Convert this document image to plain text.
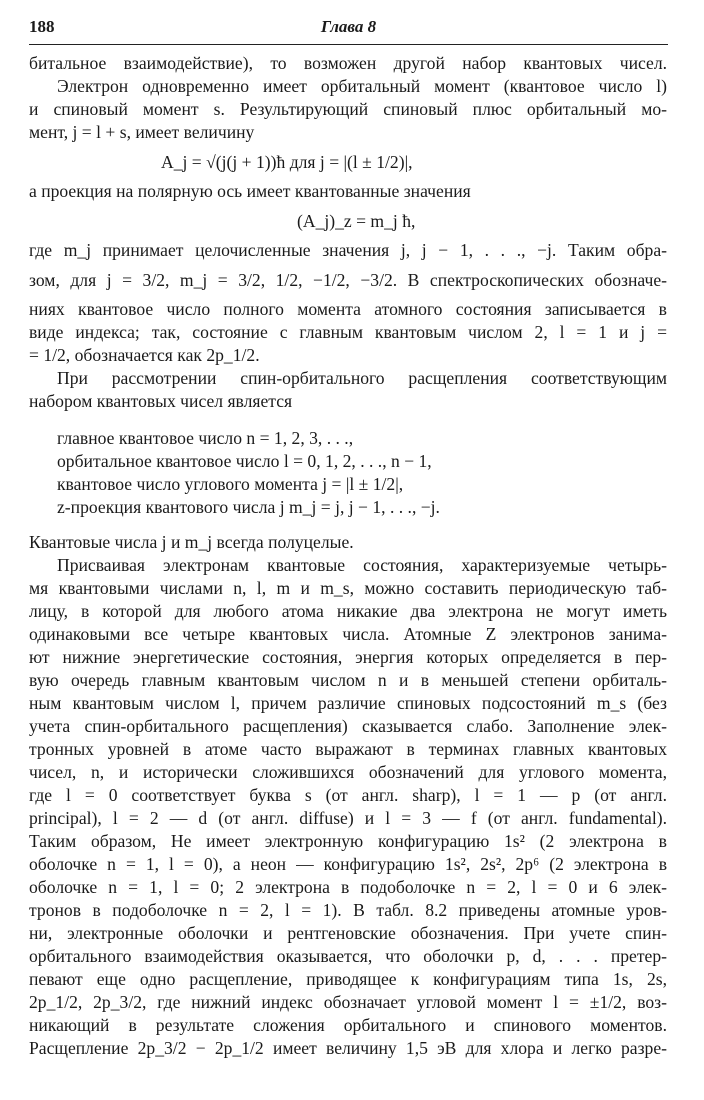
188	Глава 8
битальное взаимодействие), то возможен другой набор квантовых чисел.
Электрон одновременно имеет орбитальный момент (квантовое число l)
и спиновый момент s. Результирующий спиновый плюс орбитальный мо-
мент, j = l + s, имеет величину
A_j = √(j(j + 1))ħ для j = |(l ± 1/2)|,
а проекция на полярную ось имеет квантованные значения
(A_j)_z = m_j ħ,
где m_j принимает целочисленные значения j, j − 1, . . ., −j. Таким обра-
зом, для j = 3/2, m_j = 3/2, 1/2, −1/2, −3/2. В спектроскопических обозначе-
ниях квантовое число полного момента атомного состояния записывается в
виде индекса; так, состояние с главным квантовым числом 2, l = 1 и j =
= 1/2, обозначается как 2p_1/2.
При рассмотрении спин-орбитального расщепления соответствующим
набором квантовых чисел является
главное квантовое число n = 1, 2, 3, . . .,
орбитальное квантовое число l = 0, 1, 2, . . ., n − 1,
квантовое число углового момента j = |l ± 1/2|,
z-проекция квантового числа j m_j = j, j − 1, . . ., −j.
Квантовые числа j и m_j всегда полуцелые.
Присваивая электронам квантовые состояния, характеризуемые четырь-
мя квантовыми числами n, l, m и m_s, можно составить периодическую таб-
лицу, в которой для любого атома никакие два электрона не могут иметь
одинаковыми все четыре квантовых числа. Атомные Z электронов занима-
ют нижние энергетические состояния, энергия которых определяется в пер-
вую очередь главным квантовым числом n и в меньшей степени орбиталь-
ным квантовым числом l, причем различие спиновых подсостояний m_s (без
учета спин-орбитального расщепления) сказывается слабо. Заполнение элек-
тронных уровней в атоме часто выражают в терминах главных квантовых
чисел, n, и исторически сложившихся обозначений для углового момента,
где l = 0 соответствует буква s (от англ. sharp), l = 1 — p (от англ.
principal), l = 2 — d (от англ. diffuse) и l = 3 — f (от англ. fundamental).
Таким образом, He имеет электронную конфигурацию 1s² (2 электрона в
оболочке n = 1, l = 0), а неон — конфигурацию 1s², 2s², 2p⁶ (2 электрона в
оболочке n = 1, l = 0; 2 электрона в подоболочке n = 2, l = 0 и 6 элек-
тронов в подоболочке n = 2, l = 1). В табл. 8.2 приведены атомные уров-
ни, электронные оболочки и рентгеновские обозначения. При учете спин-
орбитального взаимодействия оказывается, что оболочки p, d, . . . претер-
певают еще одно расщепление, приводящее к конфигурациям типа 1s, 2s,
2p_1/2, 2p_3/2, где нижний индекс обозначает угловой момент l = ±1/2, воз-
никающий в результате сложения орбитального и спинового моментов.
Расщепление 2p_3/2 − 2p_1/2 имеет величину 1,5 эВ для хлора и легко разре-
